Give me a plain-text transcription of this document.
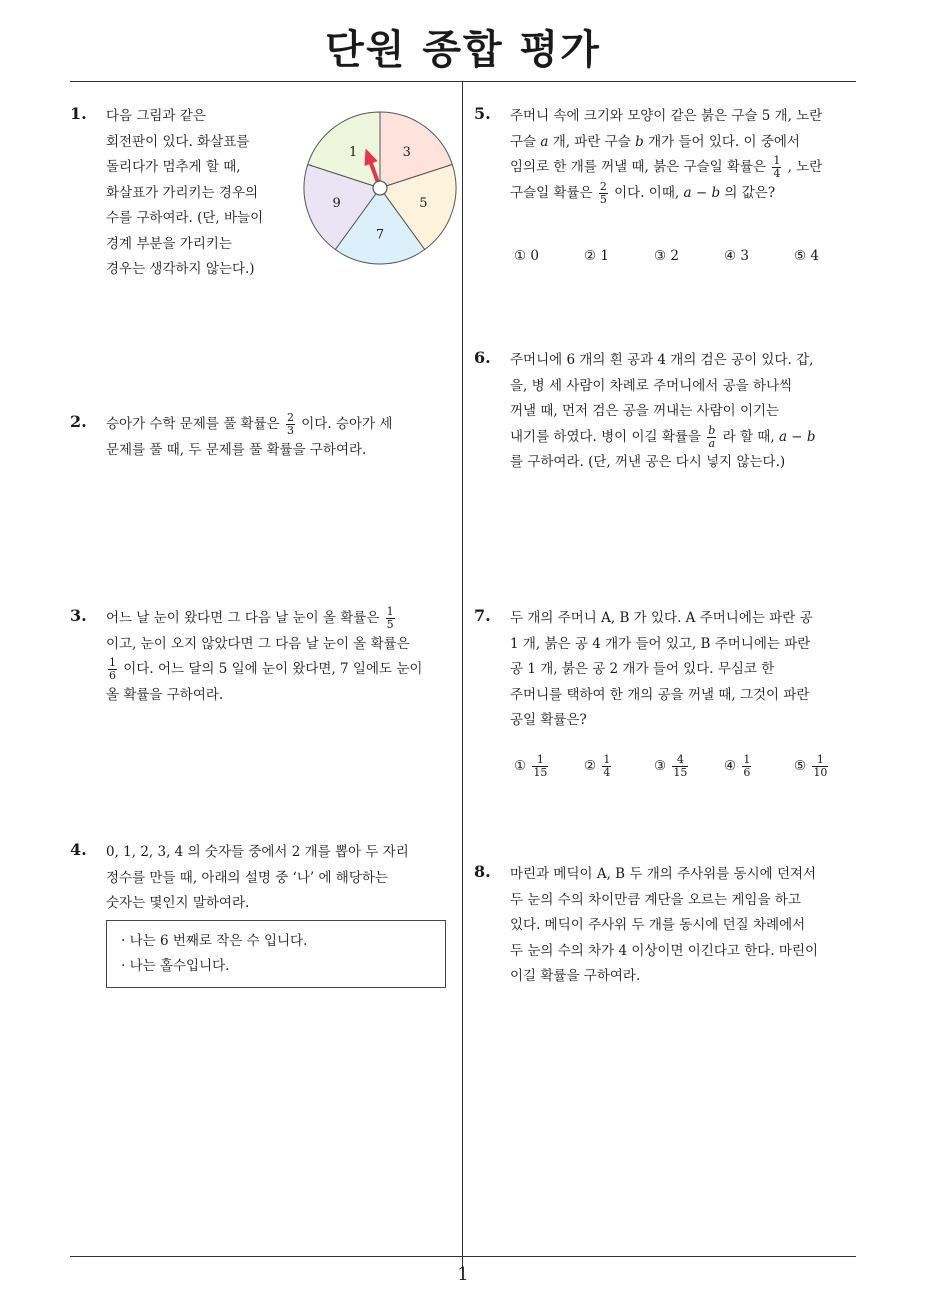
단원 종합 평가
1
1. 다음 그림과 같은
회전판이 있다. 화살표를
돌리다가 멈추게 할 때,
화살표가 가리키는 경우의
수를 구하여라. (단, 바늘이
경계 부분을 가리키는
경우는 생각하지 않는다.)
1	3
5
7
9
2. 승아가 수학 문제를 풀 확률은 $\frac{2}{3}$ 이다. 승아가 세
문제를 풀 때, 두 문제를 풀 확률을 구하여라.
3. 어느 날 눈이 왔다면 그 다음 날 눈이 올 확률은 $\frac{1}{5}$
이고, 눈이 오지 않았다면 그 다음 날 눈이 올 확률은
$\frac{1}{6}$ 이다. 어느 달의 5 일에 눈이 왔다면, 7 일에도 눈이
올 확률을 구하여라.
4. 0, 1, 2, 3, 4 의 숫자들 중에서 2 개를 뽑아 두 자리
정수를 만들 때, 아래의 설명 중 ‘나’ 에 해당하는
숫자는 몇인지 말하여라.
· 나는 6 번째로 작은 수 입니다.
· 나는 홀수입니다.
5. 주머니 속에 크기와 모양이 같은 붉은 구슬 5 개, 노란
구슬 a 개, 파란 구슬 b 개가 들어 있다. 이 중에서
임의로 한 개를 꺼낼 때, 붉은 구슬일 확률은 $\frac{1}{4}$ , 노란
구슬일 확률은 $\frac{2}{5}$ 이다. 이때, a − b 의 값은?
① 0	② 1	③ 2	④ 3	⑤ 4
6. 주머니에 6 개의 흰 공과 4 개의 검은 공이 있다. 갑,
을, 병 세 사람이 차례로 주머니에서 공을 하나씩
꺼낼 때, 먼저 검은 공을 꺼내는 사람이 이기는
내기를 하였다. 병이 이길 확률을 $\frac{b}{a}$ 라 할 때, a − b
를 구하여라. (단, 꺼낸 공은 다시 넣지 않는다.)
7. 두 개의 주머니 A, B 가 있다. A 주머니에는 파란 공
1 개, 붉은 공 4 개가 들어 있고, B 주머니에는 파란
공 1 개, 붉은 공 2 개가 들어 있다. 무심코 한
주머니를 택하여 한 개의 공을 꺼낼 때, 그것이 파란
공일 확률은?
① $\frac{1}{15}$	② $\frac{1}{4}$	③ $\frac{4}{15}$	④ $\frac{1}{6}$	⑤ $\frac{1}{10}$
8. 마린과 메딕이 A, B 두 개의 주사위를 동시에 던져서
두 눈의 수의 차이만큼 계단을 오르는 게임을 하고
있다. 메딕이 주사위 두 개를 동시에 던질 차례에서
두 눈의 수의 차가 4 이상이면 이긴다고 한다. 마린이
이길 확률을 구하여라.
